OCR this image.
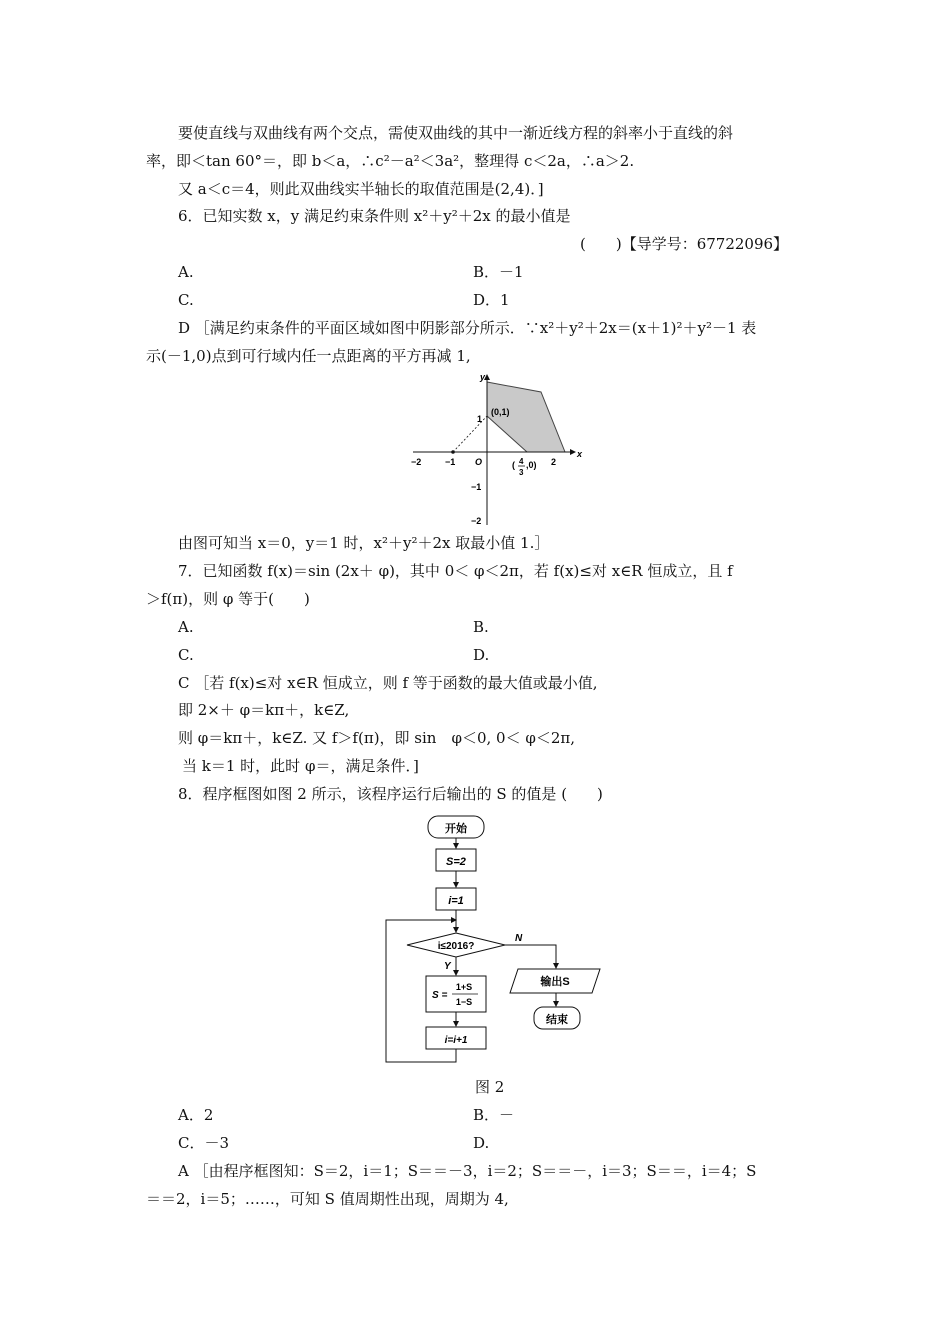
要使直线与双曲线有两个交点，需使双曲线的其中一渐近线方程的斜率小于直线的斜
率，即＜tan 60°＝，即 b＜a，∴c²－a²＜3a²，整理得 c＜2a，∴a＞2.
又 a＜c＝4，则此双曲线实半轴长的取值范围是(2,4)．]
6．已知实数 x，y 满足约束条件则 x²＋y²＋2x 的最小值是
(　　)【导学号：67722096】
A.	B．－1
C.	D．1
D ［满足约束条件的平面区域如图中阴影部分所示．∵x²＋y²＋2x＝(x＋1)²＋y²－1 表
示(－1,0)点到可行域内任一点距离的平方再减 1,
y
x
O
−2	−1	2
1
−1
−2
(0,1)
( 4
3
,0)
由图可知当 x＝0，y＝1 时，x²＋y²＋2x 取最小值 1.］
7．已知函数 f(x)＝sin (2x＋ φ)，其中 0＜ φ＜2π，若 f(x)≤对 x∈R 恒成立，且 f
＞f(π)，则 φ 等于(　　)
A.	B.
C.	D.
C ［若 f(x)≤对 x∈R 恒成立，则 f 等于函数的最大值或最小值,
即 2×＋ φ＝kπ＋，k∈Z,
则 φ＝kπ＋，k∈Z. 又 f＞f(π)，即 sin　φ＜0, 0＜ φ＜2π,
当 k＝1 时，此时 φ＝，满足条件．]
8．程序框图如图 2 所示，该程序运行后输出的 S 的值是 (　　)
开始
S=2
i=1
i≤2016?
Y
S =
1+S
1−S
i=i+1
N
输出S
结束
图 2
A．2	B．－
C．－3	D.
A ［由程序框图知：S＝2，i＝1；S＝＝－3，i＝2；S＝＝－，i＝3；S＝＝，i＝4；S
＝＝2，i＝5；……，可知 S 值周期性出现，周期为 4,
